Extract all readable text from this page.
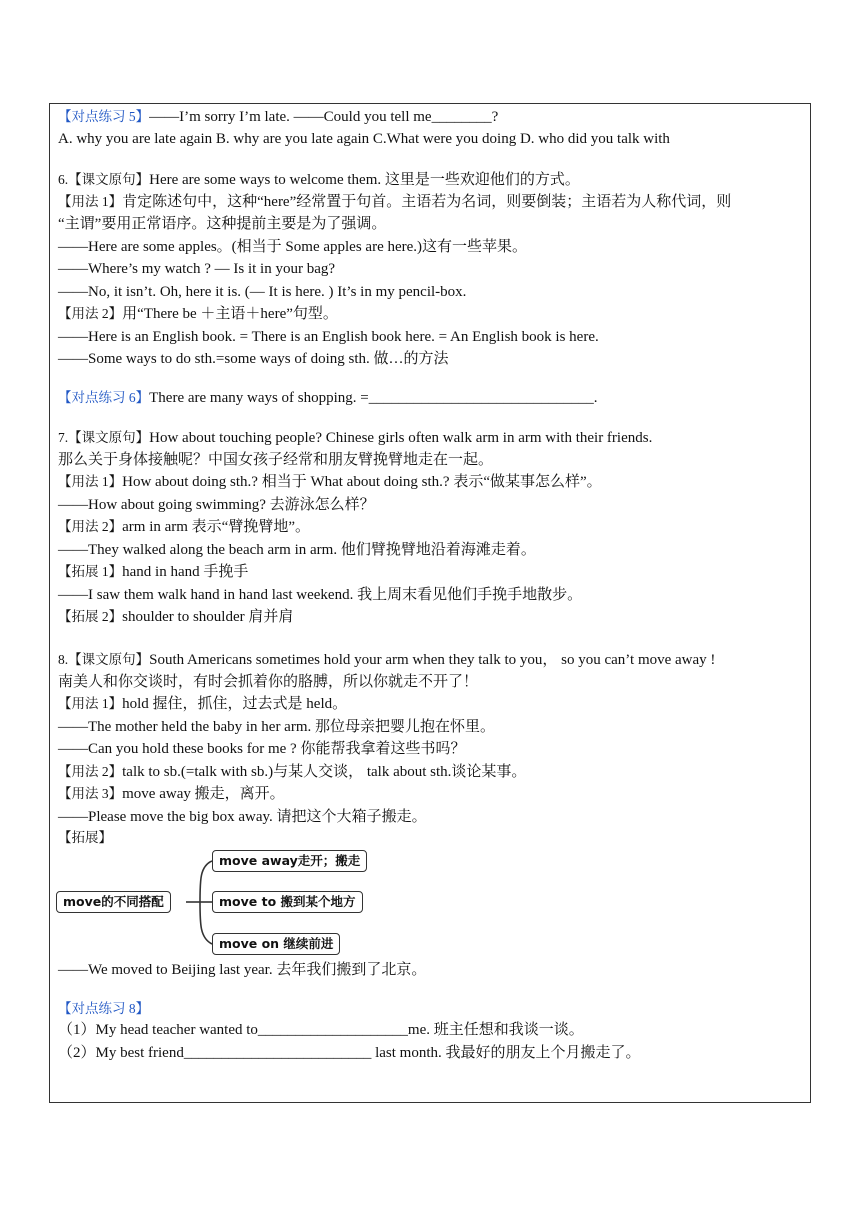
【对点练习 5】——I’m sorry I’m late. ——Could you tell me________?
A. why you are late again B. why are you late again C.What were you doing D. who did you talk with
6.【课文原句】Here are some ways to welcome them. 这里是一些欢迎他们的方式。
【用法 1】肯定陈述句中，这种“here”经常置于句首。主语若为名词，则要倒装；主语若为人称代词，则
“主谓”要用正常语序。这种提前主要是为了强调。
——Here are some apples。(相当于 Some apples are here.)这有一些苹果。
——Where’s my watch ? — Is it in your bag?
——No, it isn’t. Oh, here it is. (— It is here. ) It’s in my pencil-box.
【用法 2】用“There be ＋主语＋here”句型。
——Here is an English book. = There is an English book here. = An English book is here.
——Some ways to do sth.=some ways of doing sth. 做…的方法
【对点练习 6】There are many ways of shopping. =______________________________.
7.【课文原句】How about touching people? Chinese girls often walk arm in arm with their friends.
那么关于身体接触呢？中国女孩子经常和朋友臂挽臂地走在一起。
【用法 1】How about doing sth.? 相当于 What about doing sth.? 表示“做某事怎么样”。
——How about going swimming? 去游泳怎么样？
【用法 2】arm in arm 表示“臂挽臂地”。
——They walked along the beach arm in arm. 他们臂挽臂地沿着海滩走着。
【拓展 1】hand in hand 手挽手
——I saw them walk hand in hand last weekend. 我上周末看见他们手挽手地散步。
【拓展 2】shoulder to shoulder 肩并肩
8.【课文原句】South Americans sometimes hold your arm when they talk to you， so you can’t move away !
南美人和你交谈时，有时会抓着你的胳膊，所以你就走不开了！
【用法 1】hold 握住，抓住，过去式是 held。
——The mother held the baby in her arm. 那位母亲把婴儿抱在怀里。
——Can you hold these books for me ? 你能帮我拿着这些书吗？
【用法 2】talk to sb.(=talk with sb.)与某人交谈， talk about sth.谈论某事。
【用法 3】move away 搬走，离开。
——Please move the big box away. 请把这个大箱子搬走。
【拓展】
move的不同搭配
move away走开；搬走
move to 搬到某个地方
move on 继续前进
——We moved to Beijing last year. 去年我们搬到了北京。
【对点练习 8】
（1）My head teacher wanted to____________________me. 班主任想和我谈一谈。
（2）My best friend_________________________ last month. 我最好的朋友上个月搬走了。
